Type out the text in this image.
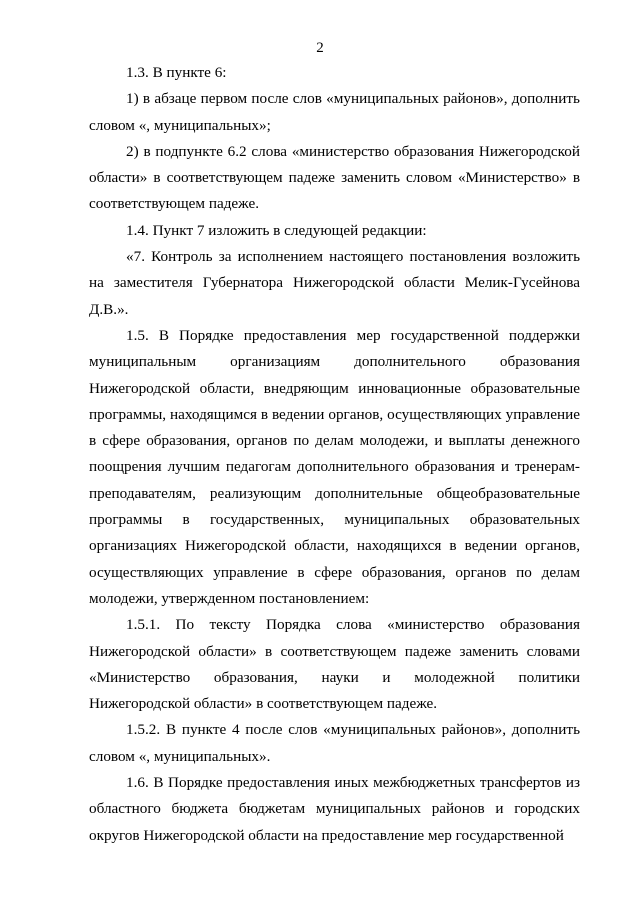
2

1.3. В пункте 6:

1) в абзаце первом после слов «муниципальных районов», дополнить словом «, муниципальных»;

2) в подпункте 6.2 слова «министерство образования Нижегородской области» в соответствующем падеже заменить словом «Министерство» в соответствующем падеже.

1.4. Пункт 7 изложить в следующей редакции:

«7. Контроль за исполнением настоящего постановления возложить на заместителя Губернатора Нижегородской области Мелик-Гусейнова Д.В.».

1.5. В Порядке предоставления мер государственной поддержки муниципальным организациям дополнительного образования Нижегородской области, внедряющим инновационные образовательные программы, находящимся в ведении органов, осуществляющих управление в сфере образования, органов по делам молодежи, и выплаты денежного поощрения лучшим педагогам дополнительного образования и тренерам-преподавателям, реализующим дополнительные общеобразовательные программы в государственных, муниципальных образовательных организациях Нижегородской области, находящихся в ведении органов, осуществляющих управление в сфере образования, органов по делам молодежи, утвержденном постановлением:

1.5.1. По тексту Порядка слова «министерство образования Нижегородской области» в соответствующем падеже заменить словами «Министерство образования, науки и молодежной политики Нижегородской области» в соответствующем падеже.

1.5.2. В пункте 4 после слов «муниципальных районов», дополнить словом «, муниципальных».

1.6. В Порядке предоставления иных межбюджетных трансфертов из областного бюджета бюджетам муниципальных районов и городских округов Нижегородской области на предоставление мер государственной
